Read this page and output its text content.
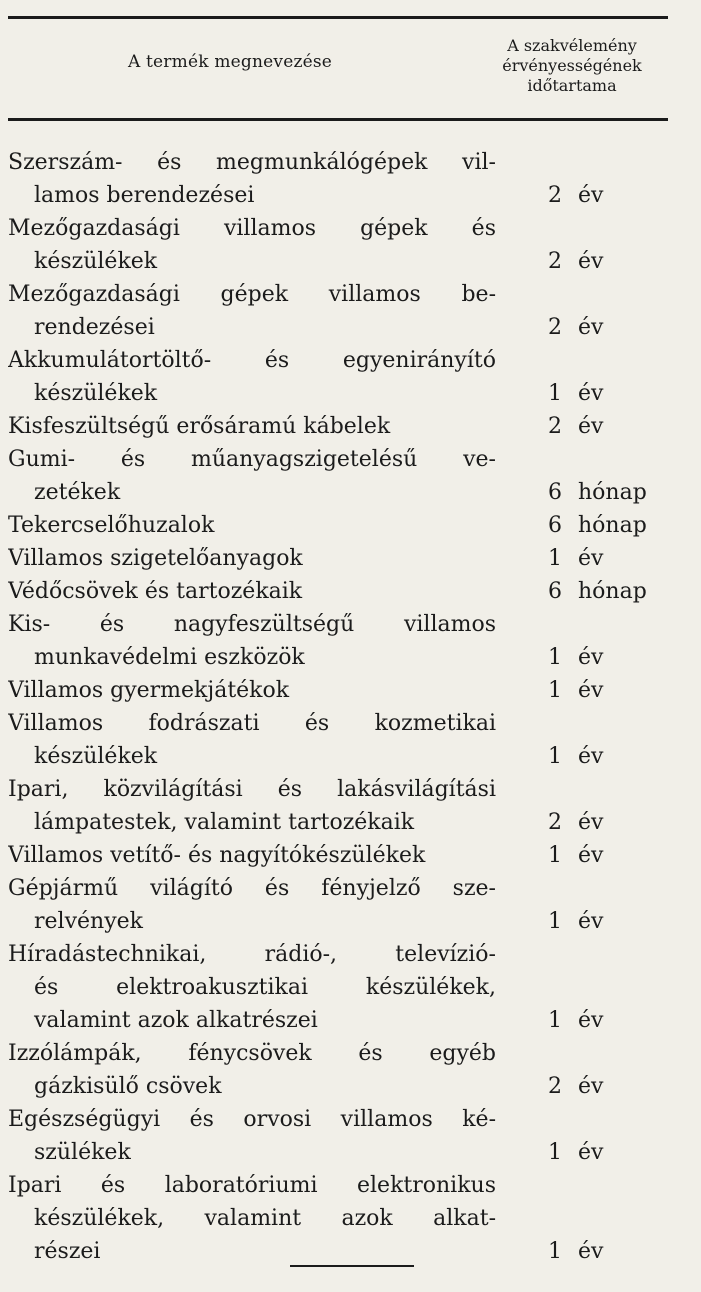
A termék megnevezése
A szakvélemény
érvényességének
időtartama
Szerszám- és megmunkálógépek vil-
lamos berendezései	2 év
Mezőgazdasági villamos gépek és
készülékek	2 év
Mezőgazdasági gépek villamos be-
rendezései	2 év
Akkumulátortöltő- és egyenirányító
készülékek	1 év
Kisfeszültségű erősáramú kábelek	2 év
Gumi- és műanyagszigetelésű ve-
zetékek	6 hónap
Tekercselőhuzalok	6 hónap
Villamos szigetelőanyagok	1 év
Védőcsövek és tartozékaik	6 hónap
Kis- és nagyfeszültségű villamos
munkavédelmi eszközök	1 év
Villamos gyermekjátékok	1 év
Villamos fodrászati és kozmetikai
készülékek	1 év
Ipari, közvilágítási és lakásvilágítási
lámpatestek, valamint tartozékaik	2 év
Villamos vetítő- és nagyítókészülékek	1 év
Gépjármű világító és fényjelző sze-
relvények	1 év
Híradástechnikai, rádió-, televízió-
és elektroakusztikai készülékek,
valamint azok alkatrészei	1 év
Izzólámpák, fénycsövek és egyéb
gázkisülő csövek	2 év
Egészségügyi és orvosi villamos ké-
szülékek	1 év
Ipari és laboratóriumi elektronikus
készülékek, valamint azok alkat-
részei	1 év
